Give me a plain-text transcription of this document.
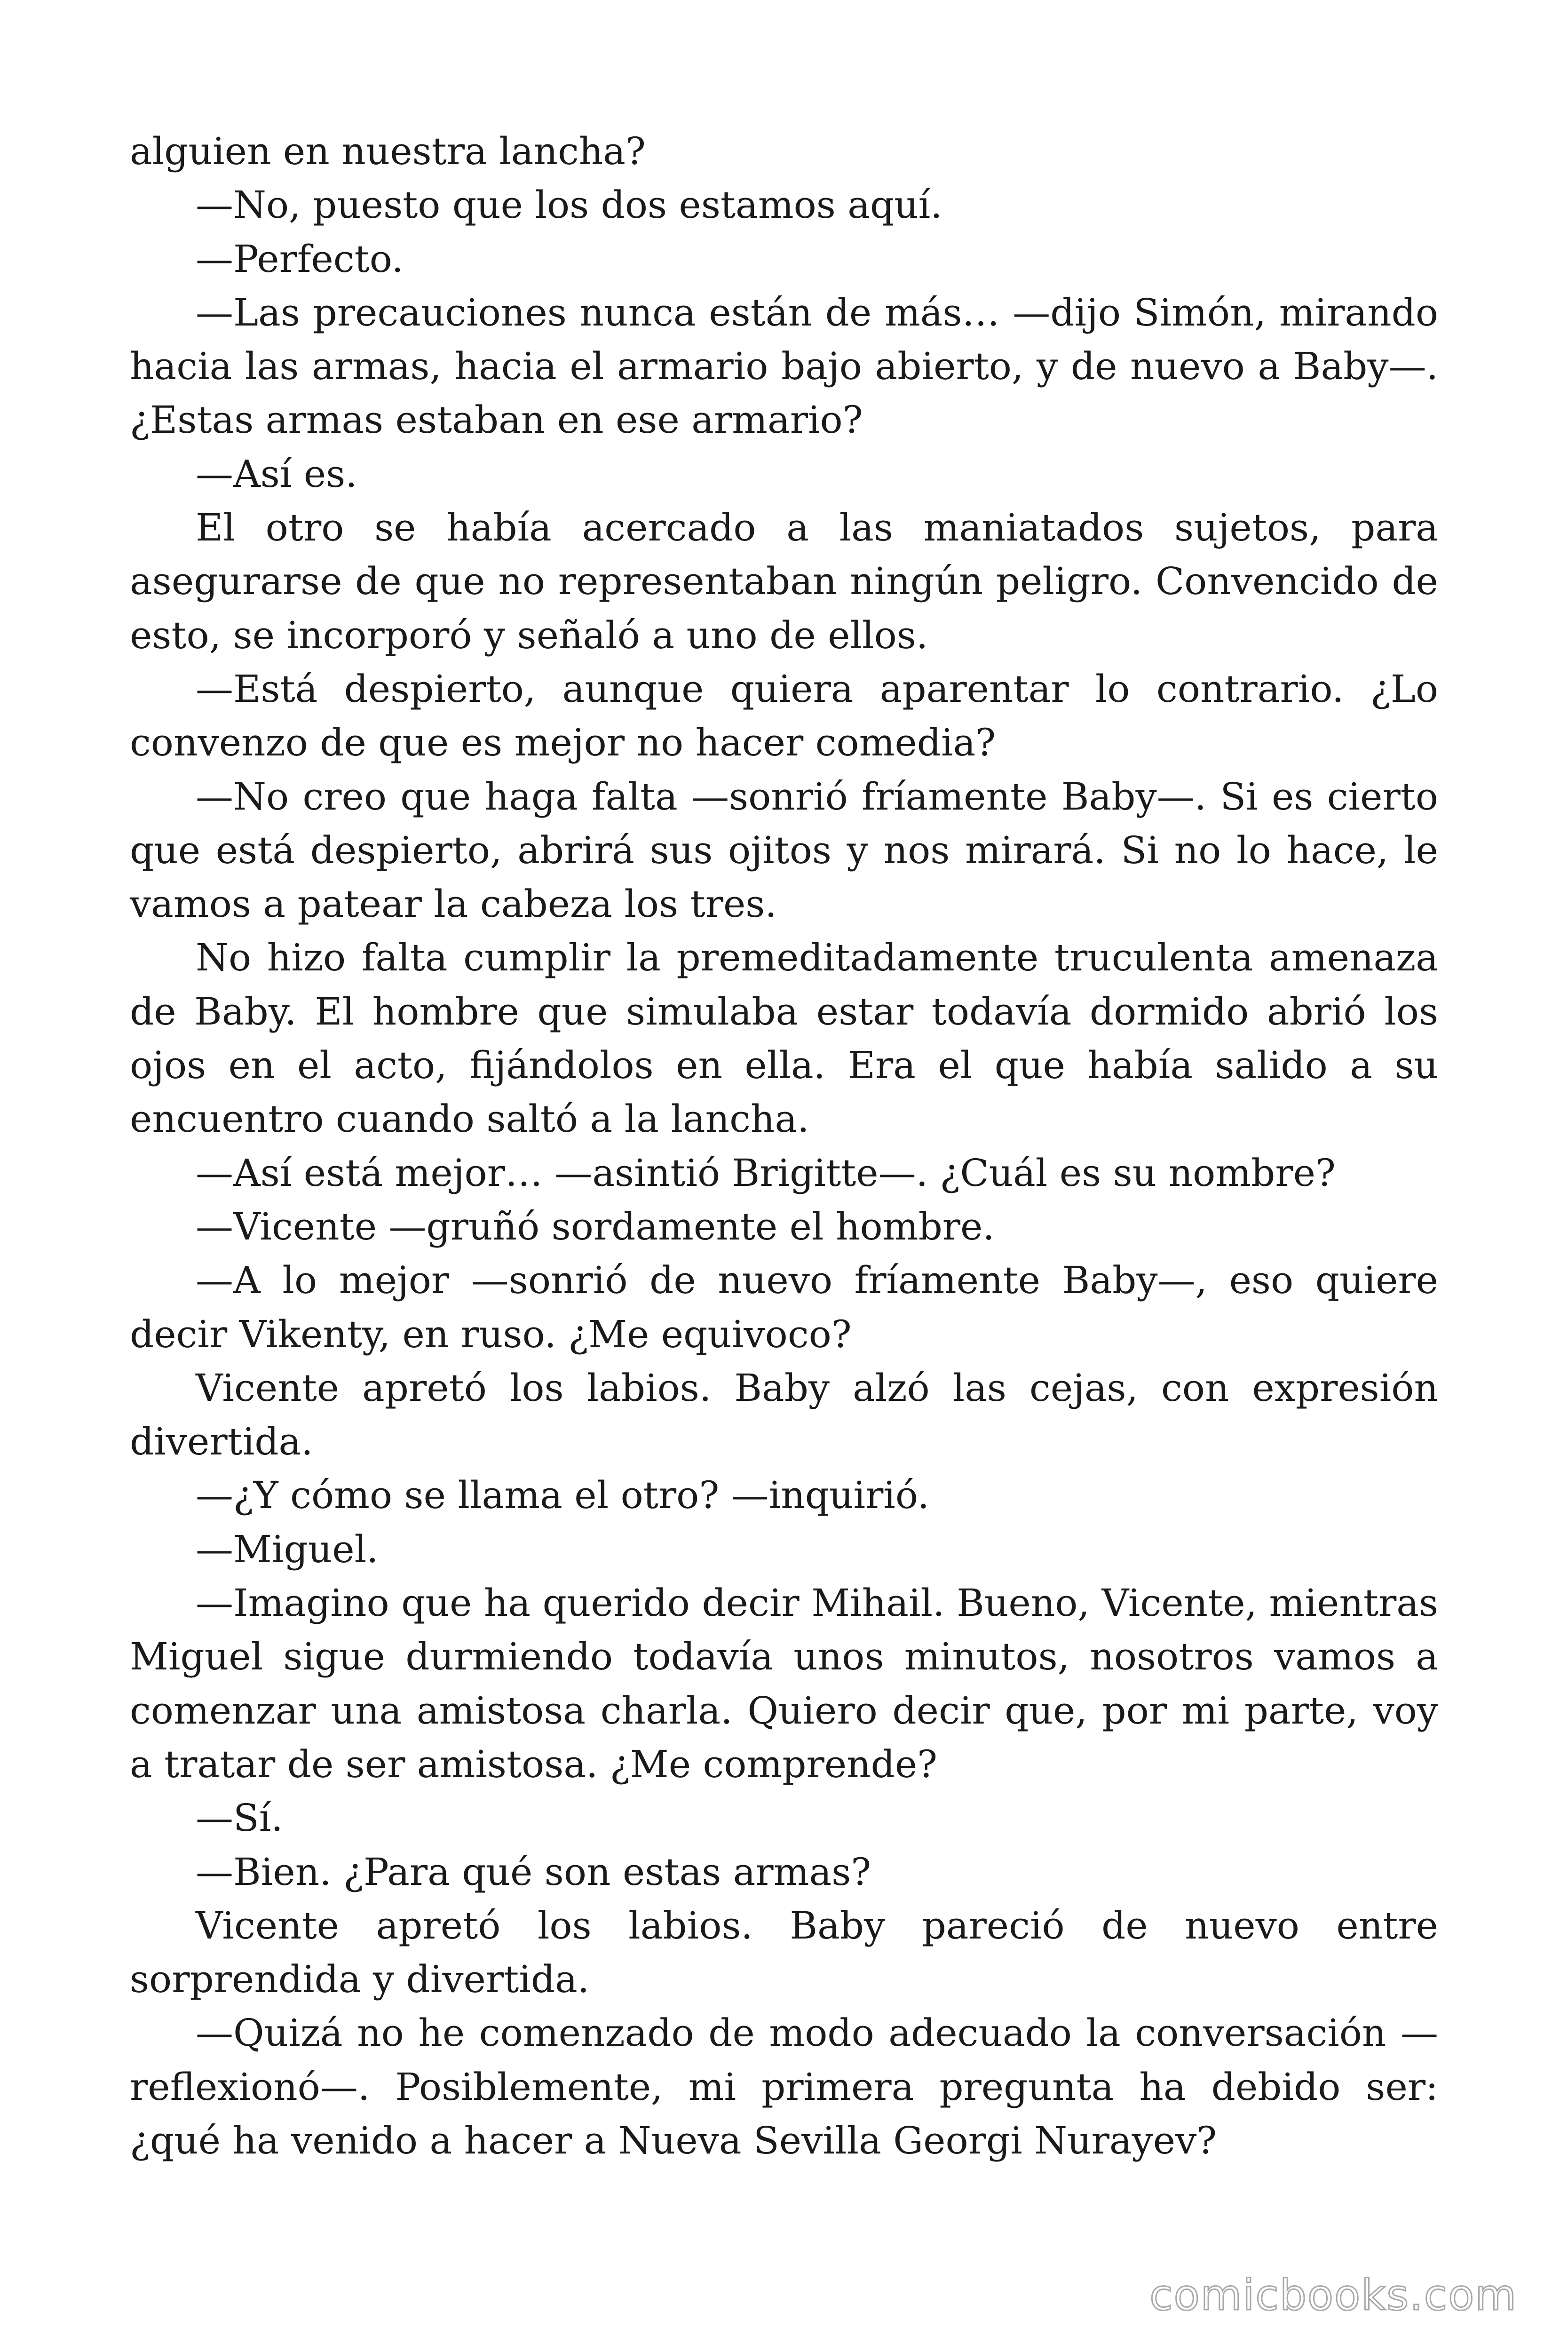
alguien en nuestra lancha?

—No, puesto que los dos estamos aquí.

—Perfecto.

—Las precauciones nunca están de más… —dijo Simón, mirando hacia las armas, hacia el armario bajo abierto, y de nuevo a Baby—. ¿Estas armas estaban en ese armario?

—Así es.

El otro se había acercado a las maniatados sujetos, para asegurarse de que no representaban ningún peligro. Convencido de esto, se incorporó y señaló a uno de ellos.

—Está despierto, aunque quiera aparentar lo contrario. ¿Lo convenzo de que es mejor no hacer comedia?

—No creo que haga falta —sonrió fríamente Baby—. Si es cierto que está despierto, abrirá sus ojitos y nos mirará. Si no lo hace, le vamos a patear la cabeza los tres.

No hizo falta cumplir la premeditadamente truculenta amenaza de Baby. El hombre que simulaba estar todavía dormido abrió los ojos en el acto, fijándolos en ella. Era el que había salido a su encuentro cuando saltó a la lancha.

—Así está mejor… —asintió Brigitte—. ¿Cuál es su nombre?

—Vicente —gruñó sordamente el hombre.

—A lo mejor —sonrió de nuevo fríamente Baby—, eso quiere decir Vikenty, en ruso. ¿Me equivoco?

Vicente apretó los labios. Baby alzó las cejas, con expresión divertida.

—¿Y cómo se llama el otro? —inquirió.

—Miguel.

—Imagino que ha querido decir Mihail. Bueno, Vicente, mientras Miguel sigue durmiendo todavía unos minutos, nosotros vamos a comenzar una amistosa charla. Quiero decir que, por mi parte, voy a tratar de ser amistosa. ¿Me comprende?

—Sí.

—Bien. ¿Para qué son estas armas?

Vicente apretó los labios. Baby pareció de nuevo entre sorprendida y divertida.

—Quizá no he comenzado de modo adecuado la conversación —reflexionó—. Posiblemente, mi primera pregunta ha debido ser: ¿qué ha venido a hacer a Nueva Sevilla Georgi Nurayev?

comicbooks.com
